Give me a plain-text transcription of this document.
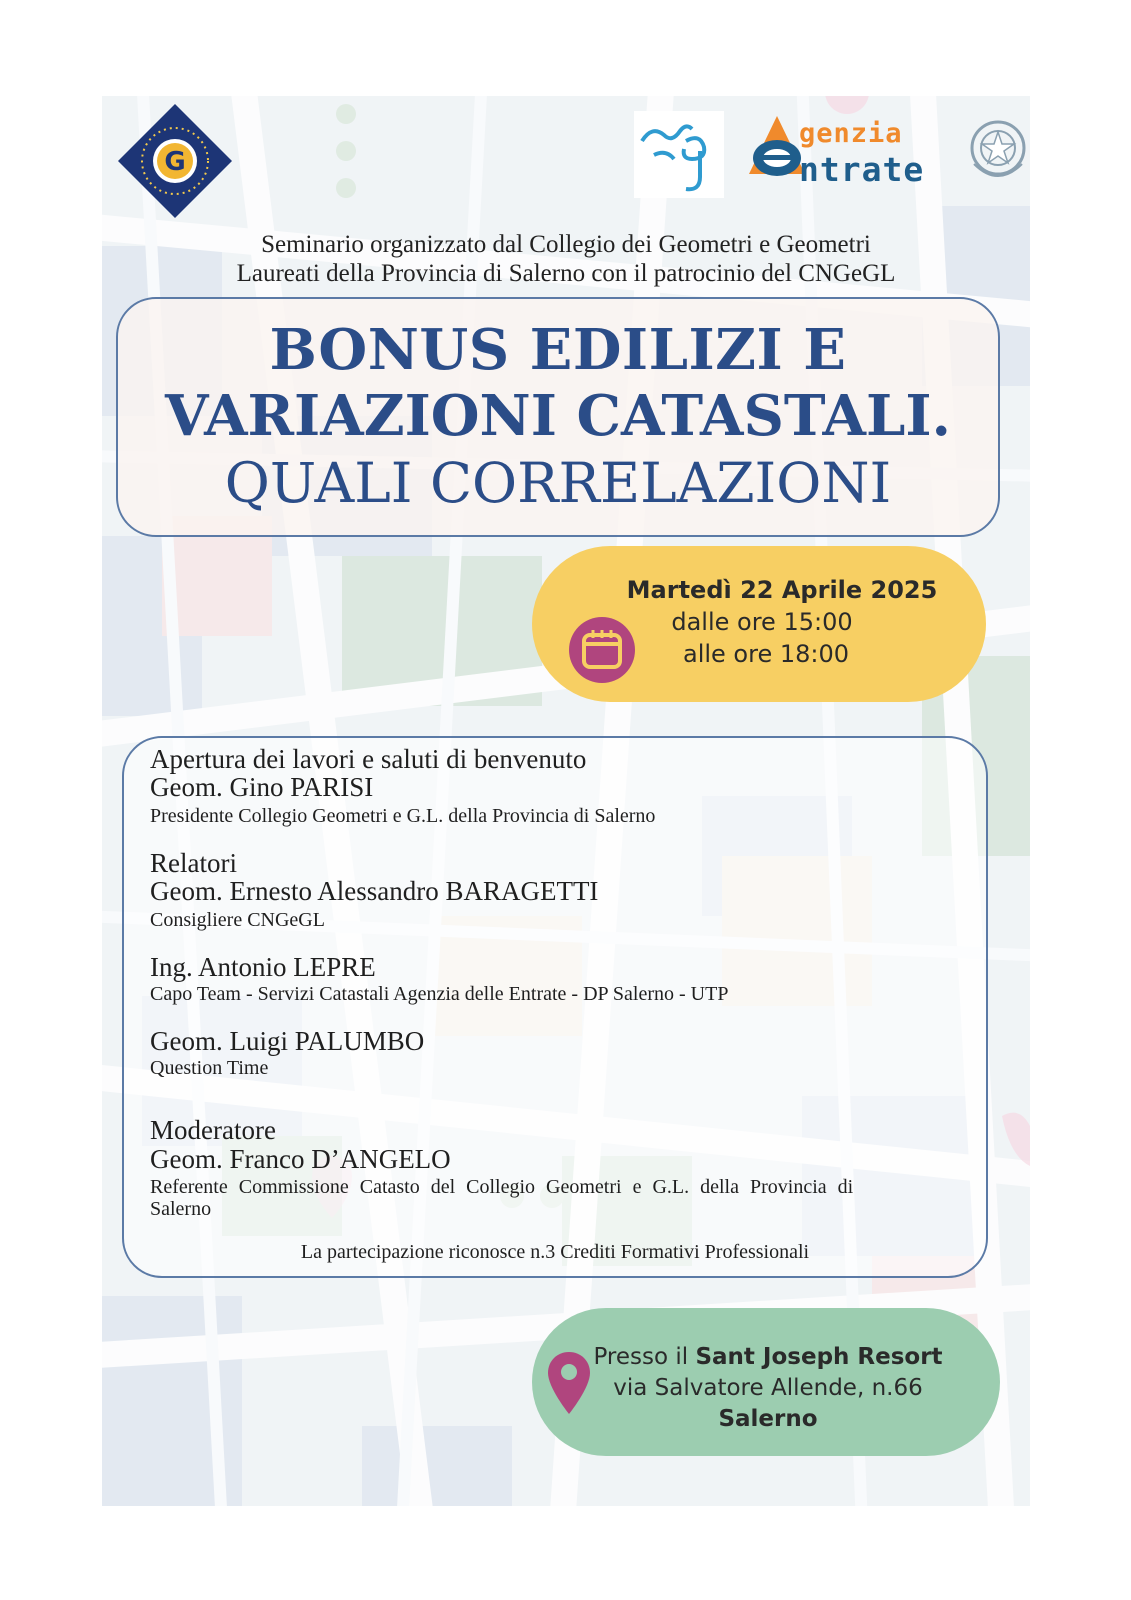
G
genzia
ntrate
Seminario organizzato dal Collegio dei Geometri e Geometri
Laureati della Provincia di Salerno con il patrocinio del CNGeGL
BONUS EDILIZI E
VARIAZIONI CATASTALI.
QUALI CORRELAZIONI
Martedì 22 Aprile 2025
dalle ore 15:00
alle ore 18:00
Apertura dei lavori e saluti di benvenuto
Geom. Gino PARISI
Presidente Collegio Geometri e G.L. della Provincia di Salerno
Relatori
Geom. Ernesto Alessandro BARAGETTI
Consigliere CNGeGL
Ing. Antonio LEPRE
Capo Team - Servizi Catastali Agenzia delle Entrate - DP Salerno - UTP
Geom. Luigi PALUMBO
Question Time
Moderatore
Geom. Franco D’ANGELO
Referente Commissione Catasto del Collegio Geometri e G.L. della Provincia di
Salerno
La partecipazione riconosce n.3 Crediti Formativi Professionali
Presso il Sant Joseph Resort
via Salvatore Allende, n.66
Salerno
